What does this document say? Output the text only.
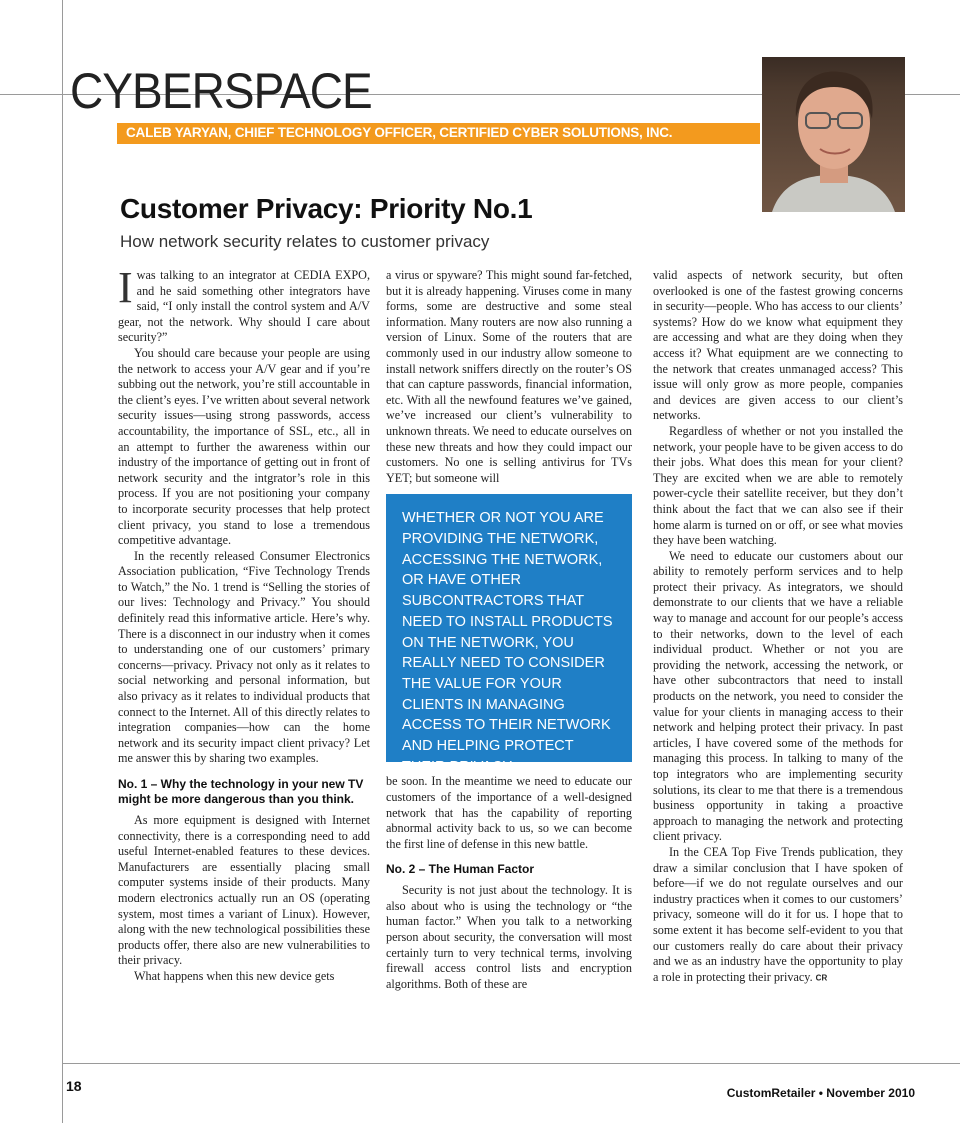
CYBERSPACE
CALEB YARYAN, CHIEF TECHNOLOGY OFFICER, CERTIFIED CYBER SOLUTIONS, INC.
Customer Privacy: Priority No.1
How network security relates to customer privacy

Iwas talking to an integrator at CEDIA EXPO, and he said something other integrators have said, “I only install the control system and A/V gear, not the network. Why should I care about security?”

You should care because your people are using the network to access your A/V gear and if you’re subbing out the network, you’re still accountable in the client’s eyes. I’ve written about several network security issues—using strong passwords, access accountability, the importance of SSL, etc., all in an attempt to further the awareness within our industry of the importance of getting out in front of network security and the intgrator’s role in this process. If you are not positioning your company to incorporate security processes that help protect client privacy, you stand to lose a tremendous competitive advantage.

In the recently released Consumer Electronics Association publication, “Five Technology Trends to Watch,” the No. 1 trend is “Selling the stories of our lives: Technology and Privacy.” You should definitely read this informative article. Here’s why. There is a disconnect in our industry when it comes to understanding one of our customers’ primary concerns—privacy. Privacy not only as it relates to social networking and personal information, but also privacy as it relates to individual products that connect to the Internet. All of this directly relates to integration companies—how can the home network and its security impact client privacy? Let me answer this by sharing two examples.

No. 1 – Why the technology in your new TV might be more dangerous than you think.

As more equipment is designed with Internet connectivity, there is a corresponding need to add useful Internet-enabled features to these devices. Manufacturers are essentially placing small computer systems inside of their products. Many modern electronics actually run an OS (operating system, most times a variant of Linux). However, along with the new technological possibilities these products offer, there also are new vulnerabilities to their privacy.

What happens when this new device gets

a virus or spyware? This might sound far-fetched, but it is already happening. Viruses come in many forms, some are destructive and some steal information. Many routers are now also running a version of Linux. Some of the routers that are commonly used in our industry allow someone to install network sniffers directly on the router’s OS that can capture passwords, financial information, etc. With all the newfound features we’ve gained, we’ve increased our client’s vulnerability to unknown threats. We need to educate ourselves on these new threats and how they could impact our customers. No one is selling antivirus for TVs YET; but someone will

WHETHER OR NOT YOU ARE PROVIDING THE NETWORK, ACCESSING THE NETWORK, OR HAVE OTHER SUBCONTRACTORS THAT NEED TO INSTALL PRODUCTS ON THE NETWORK, YOU REALLY NEED TO CONSIDER THE VALUE FOR YOUR CLIENTS IN MANAGING ACCESS TO THEIR NETWORK AND HELPING PROTECT THEIR PRIVACY.

be soon. In the meantime we need to educate our customers of the importance of a well-designed network that has the capability of reporting abnormal activity back to us, so we can become the first line of defense in this new battle.

No. 2 – The Human Factor

Security is not just about the technology. It is also about who is using the technology or “the human factor.” When you talk to a networking person about security, the conversation will most certainly turn to very technical terms, involving firewall access control lists and encryption algorithms. Both of these are

valid aspects of network security, but often overlooked is one of the fastest growing concerns in security—people. Who has access to our clients’ systems? How do we know what equipment they are accessing and what are they doing when they access it? What equipment are we connecting to the network that creates unmanaged access? This issue will only grow as more people, companies and devices are given access to our client’s networks.

Regardless of whether or not you installed the network, your people have to be given access to do their jobs. What does this mean for your client? They are excited when we are able to remotely power-cycle their satellite receiver, but they don’t think about the fact that we can also see if their home alarm is turned on or off, or see what movies they have been watching.

We need to educate our customers about our ability to remotely perform services and to help protect their privacy. As integrators, we should demonstrate to our clients that we have a reliable way to manage and account for our people’s access to their networks, down to the level of each individual product. Whether or not you are providing the network, accessing the network, or have other subcontractors that need to install products on the network, you need to consider the value for your clients in managing access to their network and helping protect their privacy. In past articles, I have covered some of the methods for managing this process. In talking to many of the top integrators who are implementing security solutions, its clear to me that there is a tremendous business opportunity in taking a proactive approach to managing the network and protecting client privacy.

In the CEA Top Five Trends publication, they draw a similar conclusion that I have spoken of before—if we do not regulate ourselves and our industry practices when it comes to our customers’ privacy, someone will do it for us. I hope that to some extent it has become self-evident to you that our customers really do care about their privacy and we as an industry have the opportunity to play a role in protecting their privacy. CR

18	CustomRetailer • November 2010
